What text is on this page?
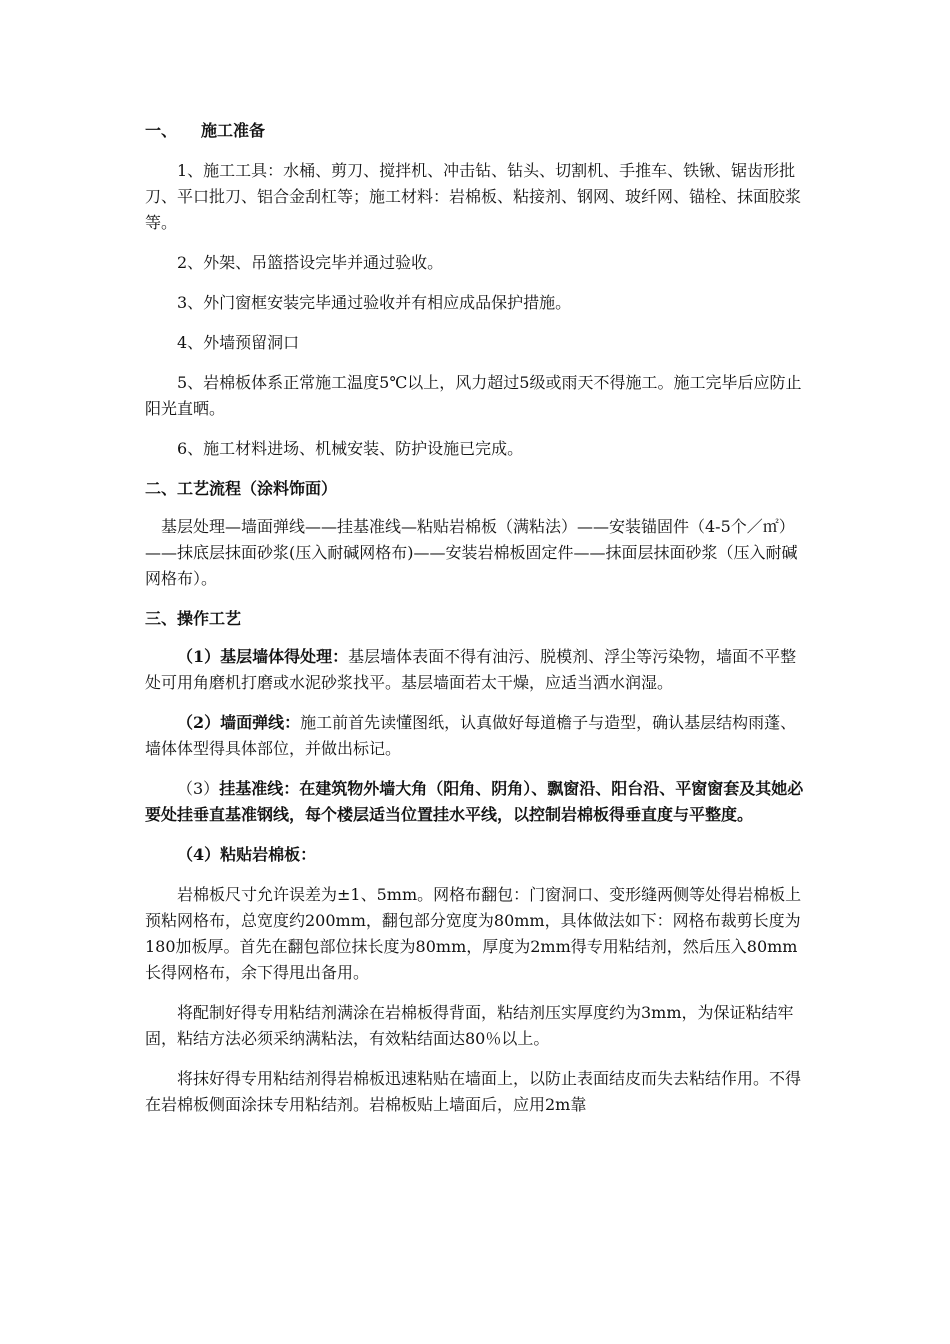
一、 施工准备

1、施工工具：水桶、剪刀、搅拌机、冲击钻、钻头、切割机、手推车、铁锹、锯齿形批刀、平口批刀、铝合金刮杠等；施工材料：岩棉板、粘接剂、钢网、玻纤网、锚栓、抹面胶浆等。

2、外架、吊篮搭设完毕并通过验收。

3、外门窗框安装完毕通过验收并有相应成品保护措施。

4、外墙预留洞口

5、岩棉板体系正常施工温度5℃以上，风力超过5级或雨天不得施工。施工完毕后应防止阳光直晒。

6、施工材料进场、机械安装、防护设施已完成。

二、工艺流程（涂料饰面）

基层处理—墙面弹线——挂基准线—粘贴岩棉板（满粘法）——安装锚固件（4-5个／㎡）——抹底层抹面砂浆(压入耐碱网格布)——安装岩棉板固定件——抹面层抹面砂浆（压入耐碱网格布）。

三、操作工艺

（1）基层墙体得处理：基层墙体表面不得有油污、脱模剂、浮尘等污染物，墙面不平整处可用角磨机打磨或水泥砂浆找平。基层墙面若太干燥，应适当洒水润湿。

（2）墙面弹线：施工前首先读懂图纸，认真做好每道檐子与造型，确认基层结构雨蓬、墙体体型得具体部位，并做出标记。

（3）挂基准线：在建筑物外墙大角（阳角、阴角）、飘窗沿、阳台沿、平窗窗套及其她必要处挂垂直基准钢线，每个楼层适当位置挂水平线，以控制岩棉板得垂直度与平整度。

（4）粘贴岩棉板：

岩棉板尺寸允许误差为±1、5mm。网格布翻包：门窗洞口、变形缝两侧等处得岩棉板上预粘网格布，总宽度约200mm，翻包部分宽度为80mm，具体做法如下：网格布裁剪长度为180加板厚。首先在翻包部位抹长度为80mm，厚度为2mm得专用粘结剂，然后压入80mm长得网格布，余下得甩出备用。

将配制好得专用粘结剂满涂在岩棉板得背面，粘结剂压实厚度约为3mm，为保证粘结牢固，粘结方法必须采纳满粘法，有效粘结面达80％以上。

将抹好得专用粘结剂得岩棉板迅速粘贴在墙面上，以防止表面结皮而失去粘结作用。不得在岩棉板侧面涂抹专用粘结剂。岩棉板贴上墙面后，应用2m靠
